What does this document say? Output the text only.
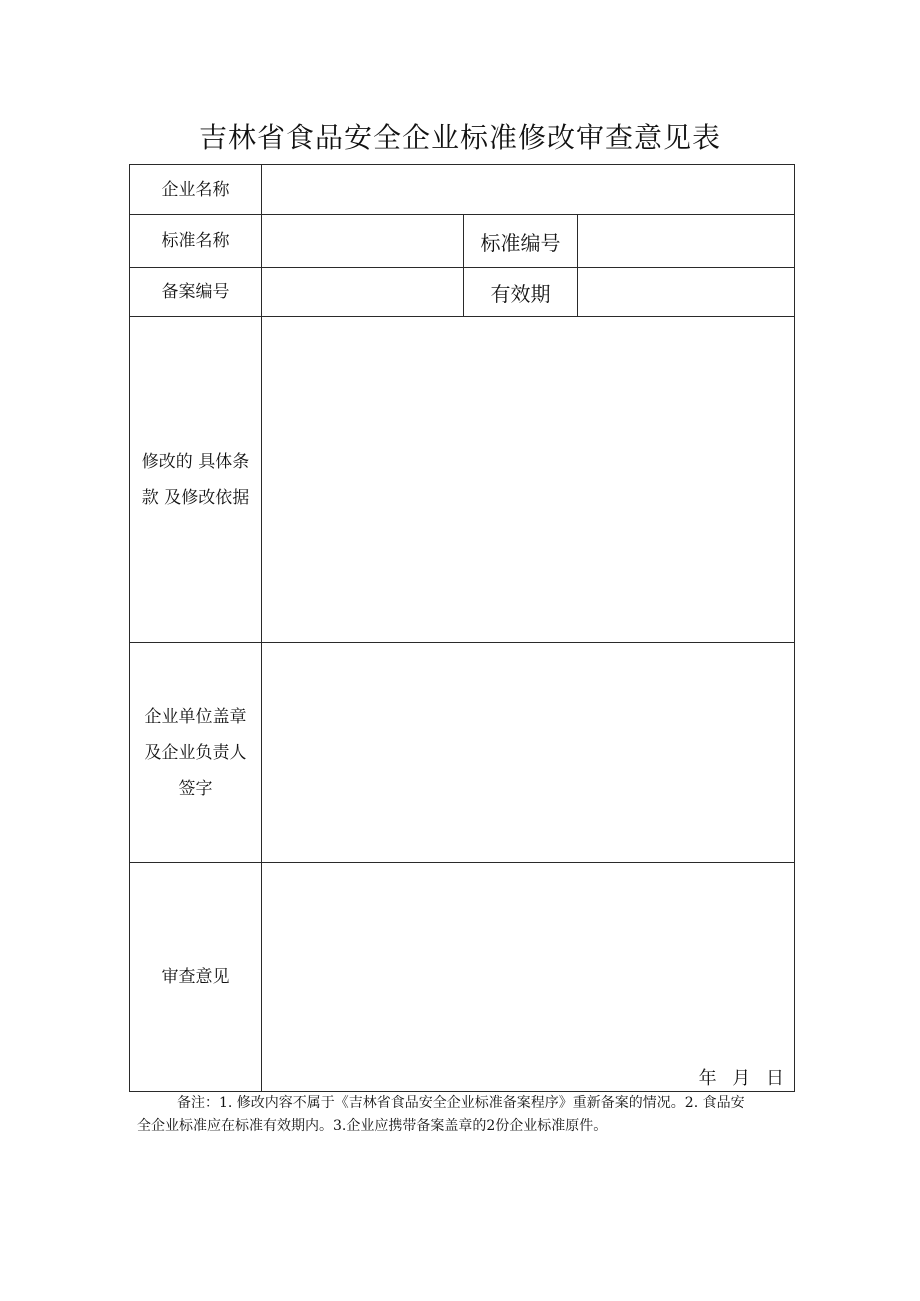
吉林省食品安全企业标准修改审查意见表
企业名称			
标准名称		标准编号	
备案编号		有效期	

修改的 具体条
款 及修改依据			

企业单位盖章
及企业负责人
签字			

审查意见	年 月 日		
备注：1. 修改内容不属于《吉林省食品安全企业标准备案程序》重新备案的情况。2. 食品安全企业标准应在标准有效期内。3.企业应携带备案盖章的2份企业标准原件。
